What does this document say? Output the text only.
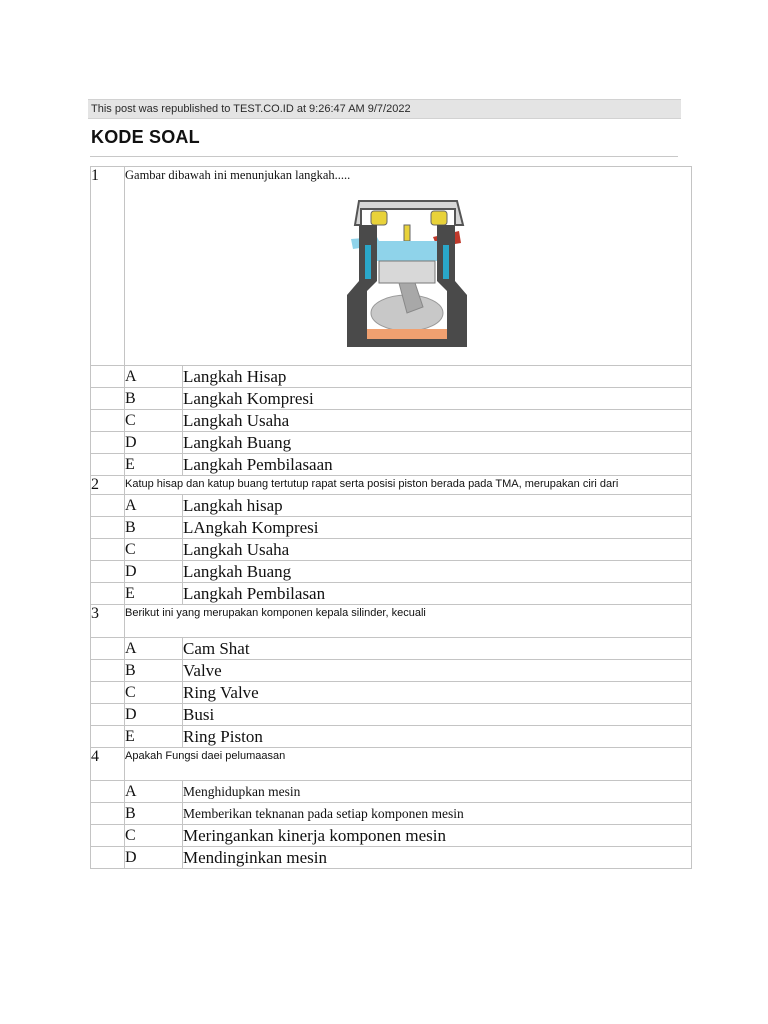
This post was republished to TEST.CO.ID at 9:26:47 AM 9/7/2022
KODE SOAL
1	Gambar dibawah ini menunjukan langkah.....	

	A	Langkah Hisap
	B	Langkah Kompresi
	C	Langkah Usaha
	D	Langkah Buang
	E	Langkah Pembilasaan
2	Katup hisap dan katup buang tertutup rapat serta posisi piston berada pada TMA, merupakan ciri dari	
	A	Langkah hisap
	B	LAngkah Kompresi
	C	Langkah Usaha
	D	Langkah Buang
	E	Langkah Pembilasan
3	Berikut ini yang merupakan komponen kepala silinder, kecuali	
	A	Cam Shat
	B	Valve
	C	Ring Valve
	D	Busi
	E	Ring Piston
4	Apakah Fungsi daei pelumaasan	
	A	Menghidupkan mesin
	B	Memberikan teknanan pada setiap komponen mesin
	C	Meringankan kinerja komponen mesin
	D	Mendinginkan mesin
